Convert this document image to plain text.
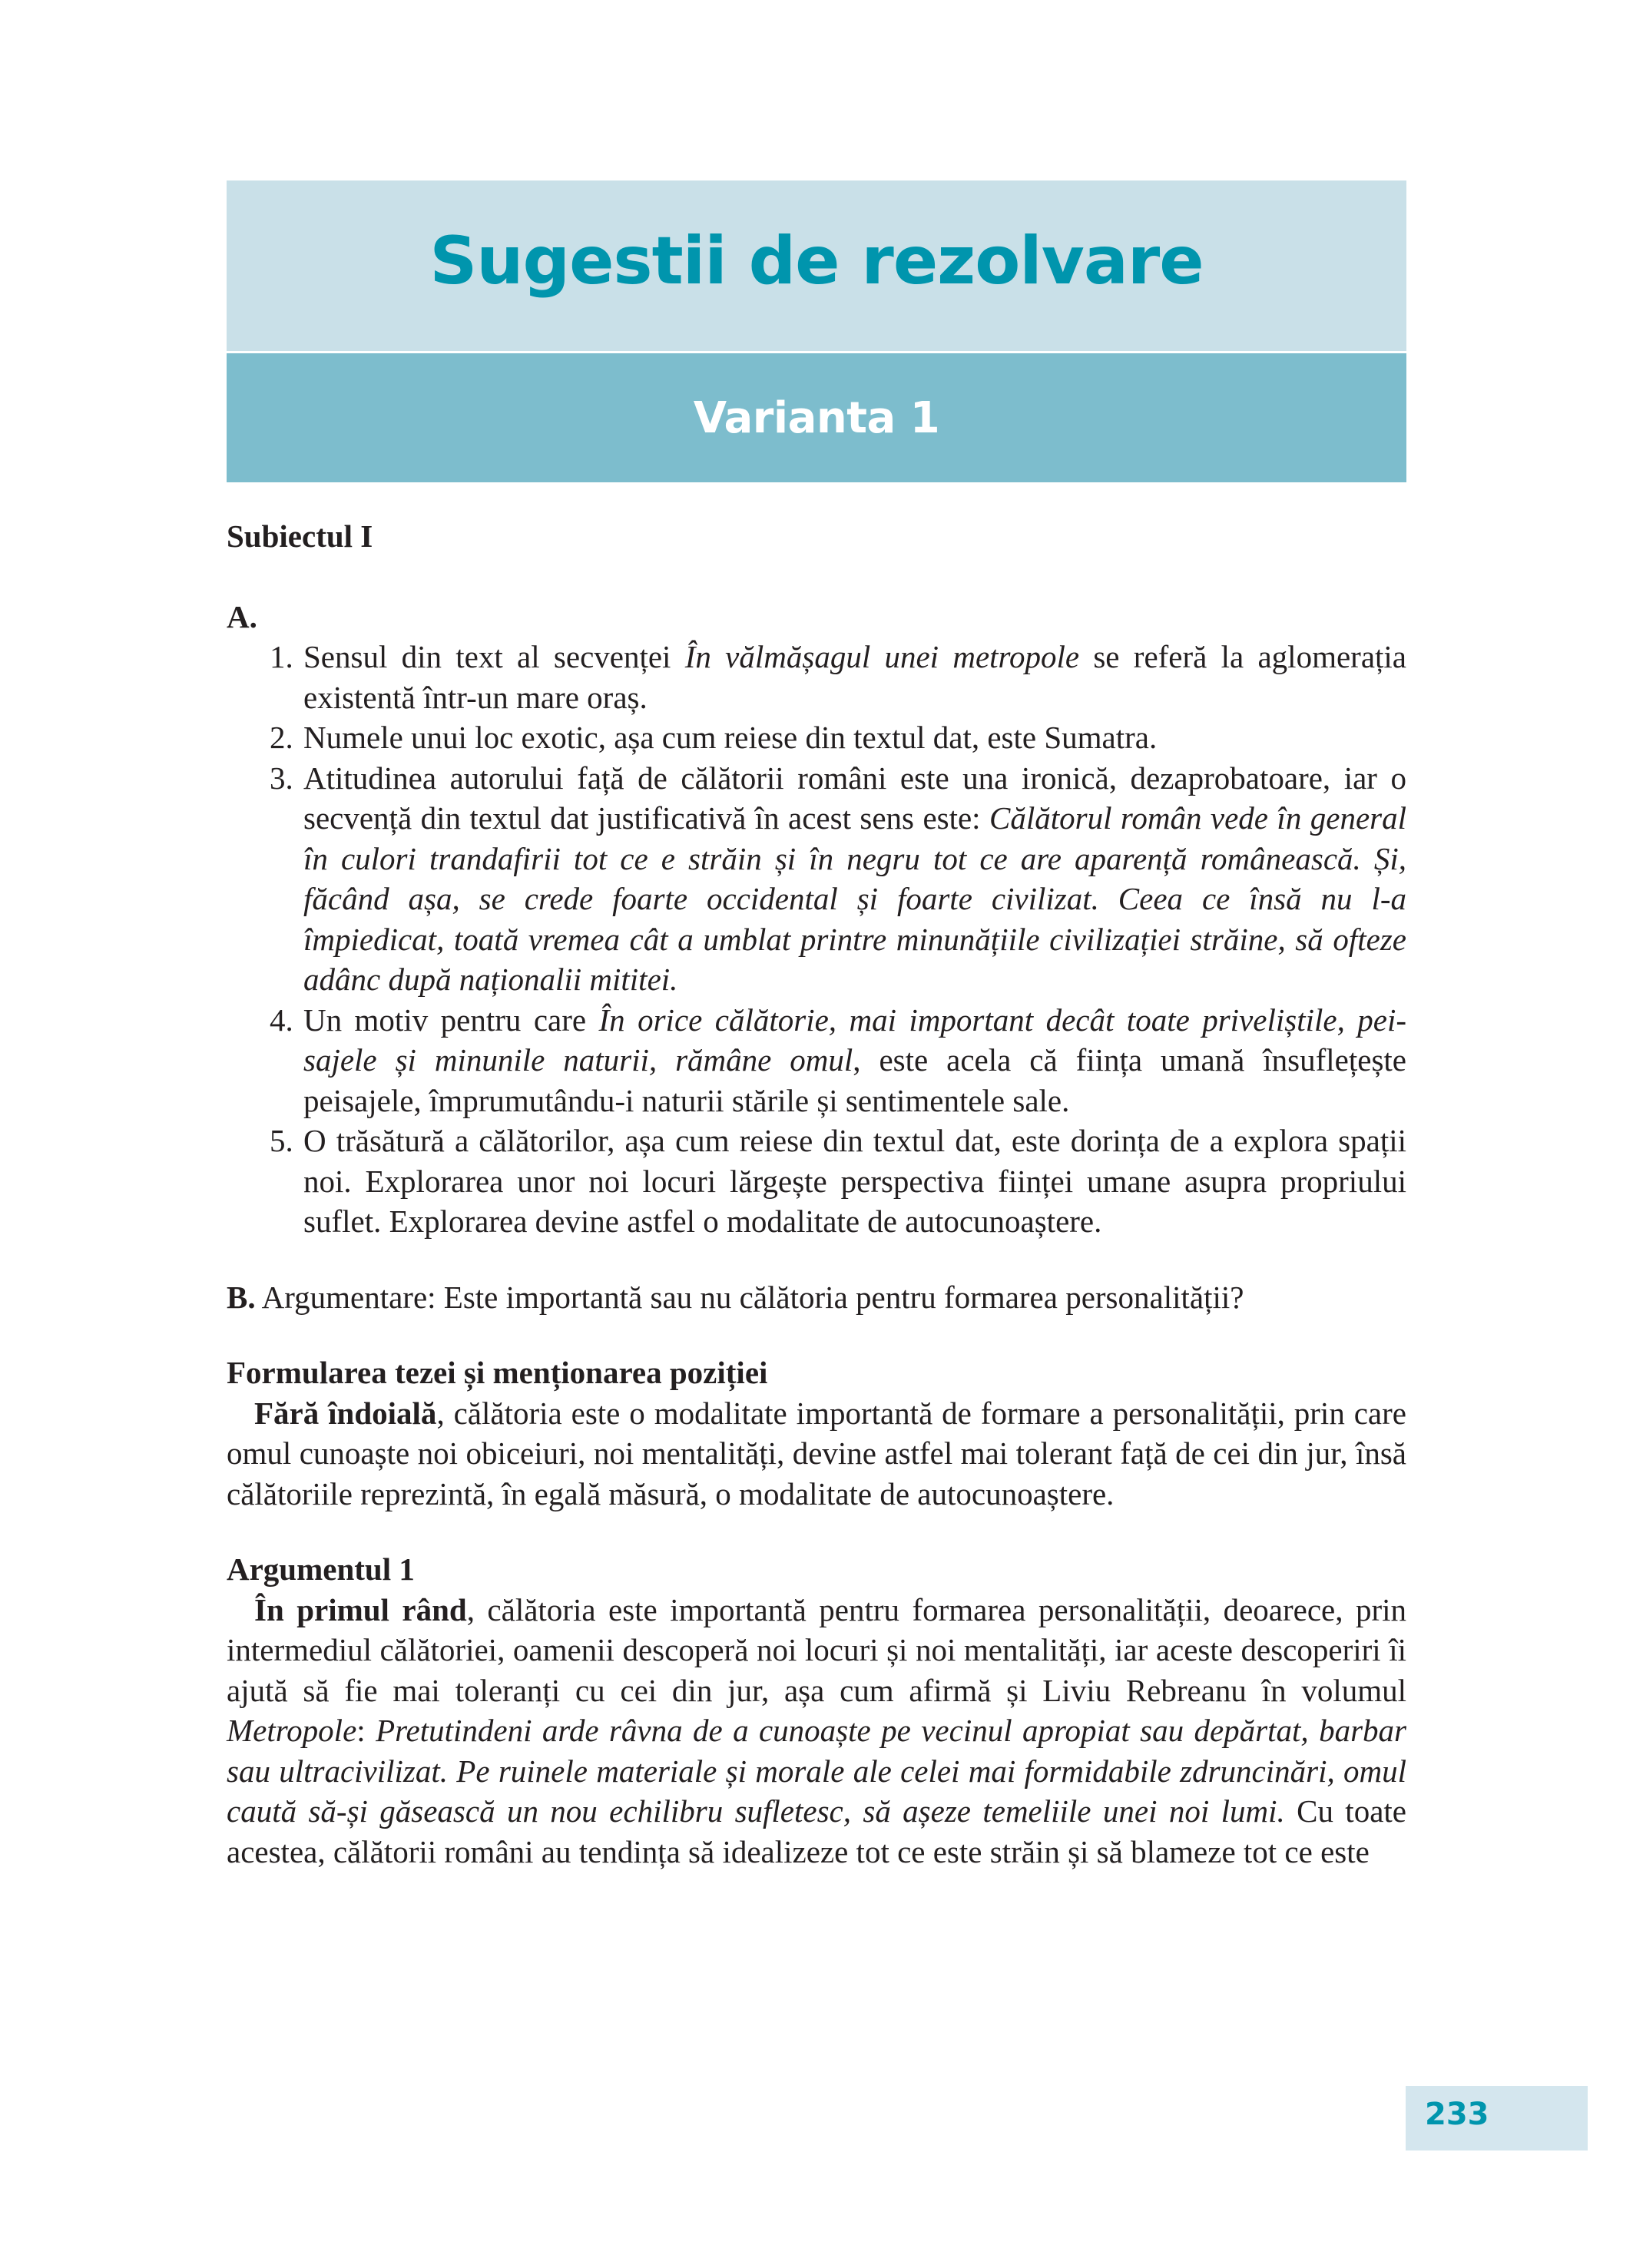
Sugestii de rezolvare
Varianta 1

Subiectul I

A.

1. Sensul din text al secvenței În vălmășagul unei metropole se referă la aglomerația existentă într-un mare oraș.
2. Numele unui loc exotic, așa cum reiese din textul dat, este Sumatra.
3. Atitudinea autorului față de călătorii români este una ironică, dezaprobatoare, iar o secvență din textul dat justificativă în acest sens este: Călătorul român vede în general în culori trandafirii tot ce e străin și în negru tot ce are aparență românească. Și, făcând așa, se crede foarte occidental și foarte civilizat. Ceea ce însă nu l-a împiedicat, toată vremea cât a umblat printre minunățiile civilizației străine, să ofteze adânc după naționalii mititei.
4. Un motiv pentru care În orice călătorie, mai important decât toate priveliștile, peisajele și minunile naturii, rămâne omul, este acela că ființa umană însuflețește peisajele, împrumutându-i naturii stările și sentimentele sale.
5. O trăsătură a călătorilor, așa cum reiese din textul dat, este dorința de a explora spații noi. Explorarea unor noi locuri lărgește perspectiva ființei umane asupra propriului suflet. Explorarea devine astfel o modalitate de autocunoaștere.

B. Argumentare: Este importantă sau nu călătoria pentru formarea personalității?

Formularea tezei și menționarea poziției

Fără îndoială, călătoria este o modalitate importantă de formare a personalității, prin care omul cunoaște noi obiceiuri, noi mentalități, devine astfel mai tolerant față de cei din jur, însă călătoriile reprezintă, în egală măsură, o modalitate de autocunoaștere.

Argumentul 1

În primul rând, călătoria este importantă pentru formarea personalității, deoarece, prin intermediul călătoriei, oamenii descoperă noi locuri și noi mentalități, iar aceste descoperiri îi ajută să fie mai toleranți cu cei din jur, așa cum afirmă și Liviu Rebreanu în volumul Metropole: Pretutindeni arde râvna de a cunoaște pe vecinul apropiat sau depărtat, barbar sau ultracivilizat. Pe ruinele materiale și morale ale celei mai formidabile zdruncinări, omul caută să-și găsească un nou echilibru sufletesc, să așeze temeliile unei noi lumi. Cu toate acestea, călătorii români au tendința să idealizeze tot ce este străin și să blameze tot ce este

233
